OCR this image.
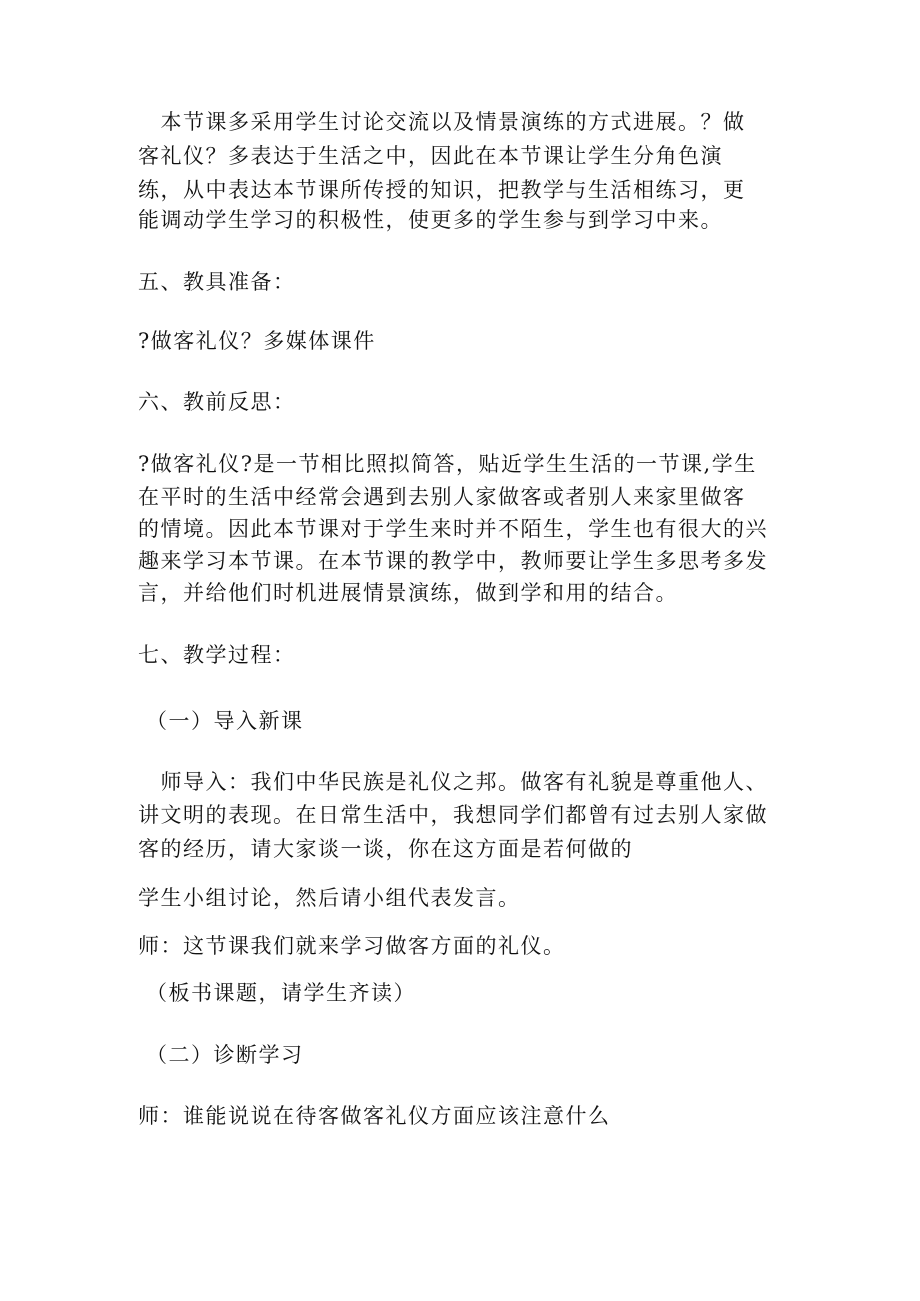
　本节课多采用学生讨论交流以及情景演练的方式进展。？做
客礼仪？多表达于生活之中，因此在本节课让学生分角色演
练，从中表达本节课所传授的知识，把教学与生活相练习，更
能调动学生学习的积极性，使更多的学生参与到学习中来。
五、教具准备：
?做客礼仪？多媒体课件
六、教前反思：
?做客礼仪?是一节相比照拟简答，贴近学生生活的一节课,学生
在平时的生活中经常会遇到去别人家做客或者别人来家里做客
的情境。因此本节课对于学生来时并不陌生，学生也有很大的兴
趣来学习本节课。在本节课的教学中，教师要让学生多思考多发
言，并给他们时机进展情景演练，做到学和用的结合。
七、教学过程：
（一）导入新课
　师导入：我们中华民族是礼仪之邦。做客有礼貌是尊重他人、
讲文明的表现。在日常生活中，我想同学们都曾有过去别人家做
客的经历，请大家谈一谈，你在这方面是若何做的
学生小组讨论，然后请小组代表发言。
师：这节课我们就来学习做客方面的礼仪。
（板书课题，请学生齐读）
（二）诊断学习
师：谁能说说在待客做客礼仪方面应该注意什么
